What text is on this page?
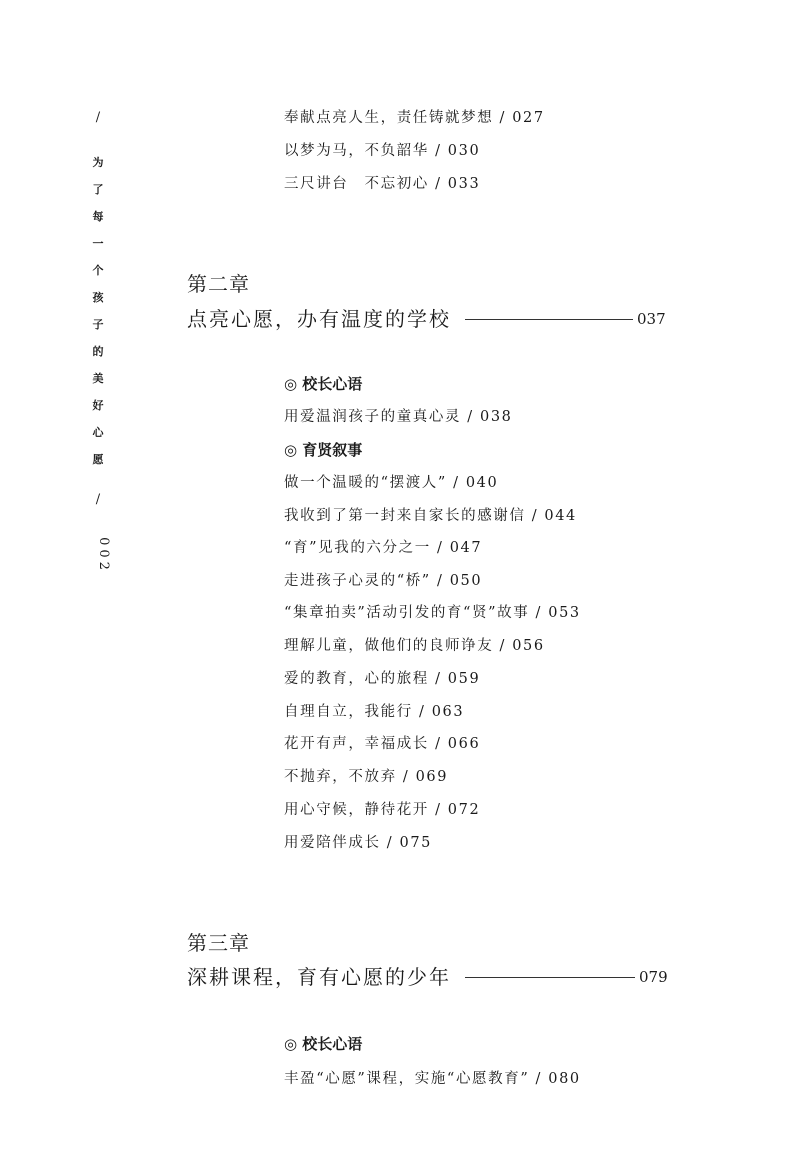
/
为
了
每
一
个
孩
子
的
美
好
心
愿
/
002
奉献点亮人生，责任铸就梦想 / 027
以梦为马，不负韶华 / 030
三尺讲台　不忘初心 / 033
第二章
点亮心愿，办有温度的学校	037
◎ 校长心语
用爱温润孩子的童真心灵 / 038
◎ 育贤叙事
做一个温暖的“摆渡人” / 040
我收到了第一封来自家长的感谢信 / 044
“育”见我的六分之一 / 047
走进孩子心灵的“桥” / 050
“集章拍卖”活动引发的育“贤”故事 / 053
理解儿童，做他们的良师诤友 / 056
爱的教育，心的旅程 / 059
自理自立，我能行 / 063
花开有声，幸福成长 / 066
不抛弃，不放弃 / 069
用心守候，静待花开 / 072
用爱陪伴成长 / 075
第三章
深耕课程，育有心愿的少年	079
◎ 校长心语
丰盈“心愿”课程，实施“心愿教育” / 080
